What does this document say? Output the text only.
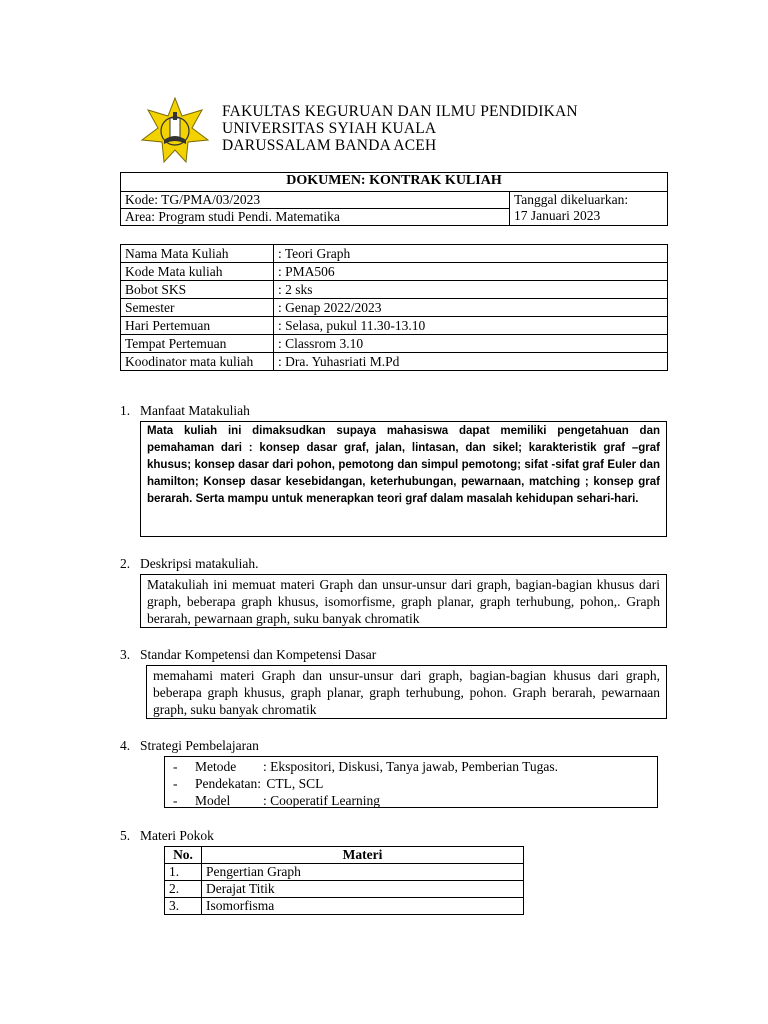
FAKULTAS KEGURUAN DAN ILMU PENDIDIKAN
UNIVERSITAS SYIAH KUALA
DARUSSALAM BANDA ACEH
DOKUMEN: KONTRAK KULIAH
Kode: TG/PMA/03/2023	Tanggal dikeluarkan:
17 Januari 2023

Area: Program studi Pendi. Matematika
Nama Mata Kuliah	: Teori Graph
Kode Mata kuliah	: PMA506
Bobot SKS	: 2 sks
Semester	: Genap 2022/2023
Hari Pertemuan	: Selasa, pukul 11.30-13.10
Tempat Pertemuan	: Classrom 3.10
Koodinator mata kuliah	: Dra. Yuhasriati M.Pd
1. Manfaat Matakuliah
Mata kuliah ini dimaksudkan supaya mahasiswa dapat memiliki pengetahuan dan pemahaman dari : konsep dasar graf, jalan, lintasan, dan sikel; karakteristik graf –graf khusus; konsep dasar dari pohon, pemotong dan simpul pemotong; sifat -sifat graf Euler dan hamilton; Konsep dasar kesebidangan, keterhubungan, pewarnaan, matching ; konsep graf berarah. Serta mampu untuk menerapkan teori graf dalam masalah kehidupan sehari-hari.
2. Deskripsi matakuliah.
Matakuliah ini memuat materi Graph dan unsur-unsur dari graph, bagian-bagian khusus dari graph, beberapa graph khusus, isomorfisme, graph planar, graph terhubung, pohon,. Graph berarah, pewarnaan graph, suku banyak chromatik
3. Standar Kompetensi dan Kompetensi Dasar
memahami materi Graph dan unsur-unsur dari graph, bagian-bagian khusus dari graph, beberapa graph khusus, graph planar, graph terhubung, pohon. Graph berarah, pewarnaan graph, suku banyak chromatik
4. Strategi Pembelajaran
-	Metode	: Ekspositori, Diskusi, Tanya jawab, Pemberian Tugas.
-	Pendekatan: CTL, SCL
-	Model	: Cooperatif Learning
5. Materi Pokok
No.	Materi
1.	Pengertian Graph
2.	Derajat Titik
3.	Isomorfisma
